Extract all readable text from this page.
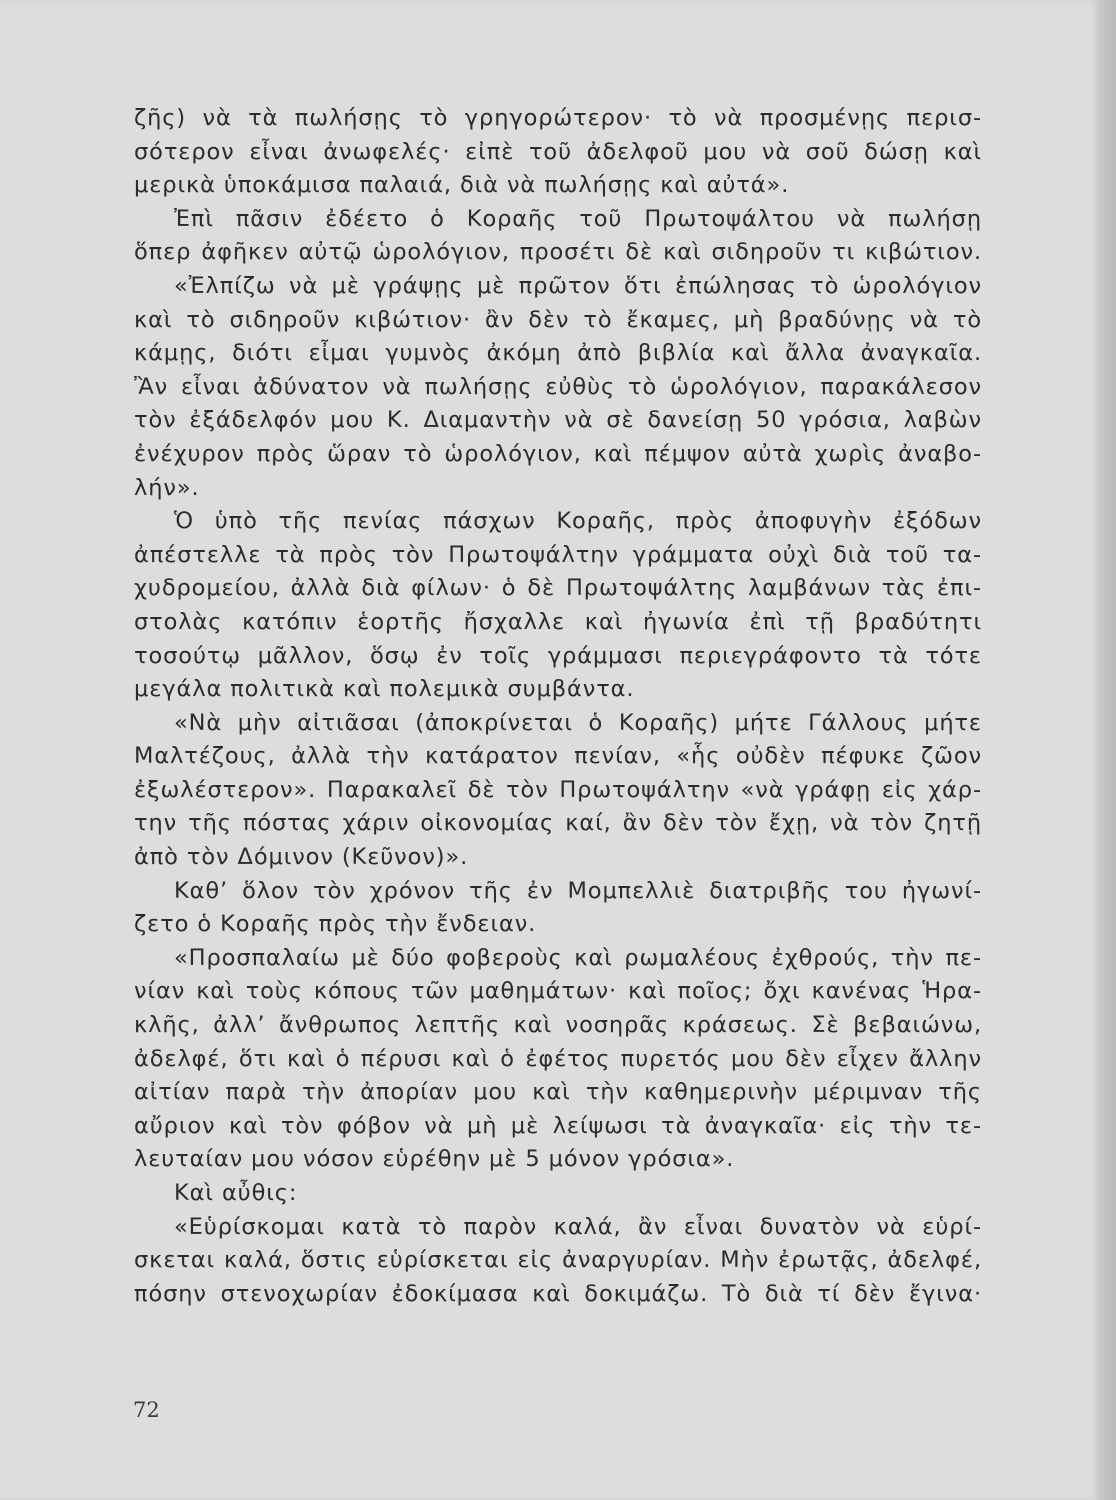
ζῆς) νὰ τὰ πωλήσῃς τὸ γρηγορώτερον· τὸ νὰ προσμένῃς περισ-
σότερον εἶναι ἀνωφελές· εἰπὲ τοῦ ἀδελφοῦ μου νὰ σοῦ δώσῃ καὶ
μερικὰ ὑποκάμισα παλαιά, διὰ νὰ πωλήσῃς καὶ αὐτά».
Ἐπὶ πᾶσιν ἐδέετο ὁ Κοραῆς τοῦ Πρωτοψάλτου νὰ πωλήσῃ
ὅπερ ἀφῆκεν αὐτῷ ὡρολόγιον, προσέτι δὲ καὶ σιδηροῦν τι κιβώτιον.
«Ἐλπίζω νὰ μὲ γράψῃς μὲ πρῶτον ὅτι ἐπώλησας τὸ ὡρολόγιον
καὶ τὸ σιδηροῦν κιβώτιον· ἂν δὲν τὸ ἔκαμες, μὴ βραδύνῃς νὰ τὸ
κάμῃς, διότι εἶμαι γυμνὸς ἀκόμη ἀπὸ βιβλία καὶ ἄλλα ἀναγκαῖα.
Ἂν εἶναι ἀδύνατον νὰ πωλήσῃς εὐθὺς τὸ ὡρολόγιον, παρακάλεσον
τὸν ἐξάδελφόν μου Κ. Διαμαντὴν νὰ σὲ δανείσῃ 50 γρόσια, λαβὼν
ἐνέχυρον πρὸς ὥραν τὸ ὡρολόγιον, καὶ πέμψον αὐτὰ χωρὶς ἀναβο-
λήν».
Ὁ ὑπὸ τῆς πενίας πάσχων Κοραῆς, πρὸς ἀποφυγὴν ἐξόδων
ἀπέστελλε τὰ πρὸς τὸν Πρωτοψάλτην γράμματα οὐχὶ διὰ τοῦ τα-
χυδρομείου, ἀλλὰ διὰ φίλων· ὁ δὲ Πρωτοψάλτης λαμβάνων τὰς ἐπι-
στολὰς κατόπιν ἑορτῆς ἤσχαλλε καὶ ἠγωνία ἐπὶ τῇ βραδύτητι
τοσούτῳ μᾶλλον, ὅσῳ ἐν τοῖς γράμμασι περιεγράφοντο τὰ τότε
μεγάλα πολιτικὰ καὶ πολεμικὰ συμβάντα.
«Νὰ μὴν αἰτιᾶσαι (ἀποκρίνεται ὁ Κοραῆς) μήτε Γάλλους μήτε
Μαλτέζους, ἀλλὰ τὴν κατάρατον πενίαν, «ἧς οὐδὲν πέφυκε ζῶον
ἐξωλέστερον». Παρακαλεῖ δὲ τὸν Πρωτοψάλτην «νὰ γράφῃ εἰς χάρ-
την τῆς πόστας χάριν οἰκονομίας καί, ἂν δὲν τὸν ἔχῃ, νὰ τὸν ζητῇ
ἀπὸ τὸν Δόμινον (Κεῦνον)».
Καθ’ ὅλον τὸν χρόνον τῆς ἐν Μομπελλιὲ διατριβῆς του ἠγωνί-
ζετο ὁ Κοραῆς πρὸς τὴν ἔνδειαν.
«Προσπαλαίω μὲ δύο φοβεροὺς καὶ ρωμαλέους ἐχθρούς, τὴν πε-
νίαν καὶ τοὺς κόπους τῶν μαθημάτων· καὶ ποῖος; ὄχι κανένας Ἡρα-
κλῆς, ἀλλ’ ἄνθρωπος λεπτῆς καὶ νοσηρᾶς κράσεως. Σὲ βεβαιώνω,
ἀδελφέ, ὅτι καὶ ὁ πέρυσι καὶ ὁ ἐφέτος πυρετός μου δὲν εἶχεν ἄλλην
αἰτίαν παρὰ τὴν ἀπορίαν μου καὶ τὴν καθημερινὴν μέριμναν τῆς
αὔριον καὶ τὸν φόβον νὰ μὴ μὲ λείψωσι τὰ ἀναγκαῖα· εἰς τὴν τε-
λευταίαν μου νόσον εὑρέθην μὲ 5 μόνον γρόσια».
Καὶ αὖθις:
«Εὑρίσκομαι κατὰ τὸ παρὸν καλά, ἂν εἶναι δυνατὸν νὰ εὑρί-
σκεται καλά, ὅστις εὑρίσκεται εἰς ἀναργυρίαν. Μὴν ἐρωτᾷς, ἀδελφέ,
πόσην στενοχωρίαν ἐδοκίμασα καὶ δοκιμάζω. Τὸ διὰ τί δὲν ἔγινα·
72
